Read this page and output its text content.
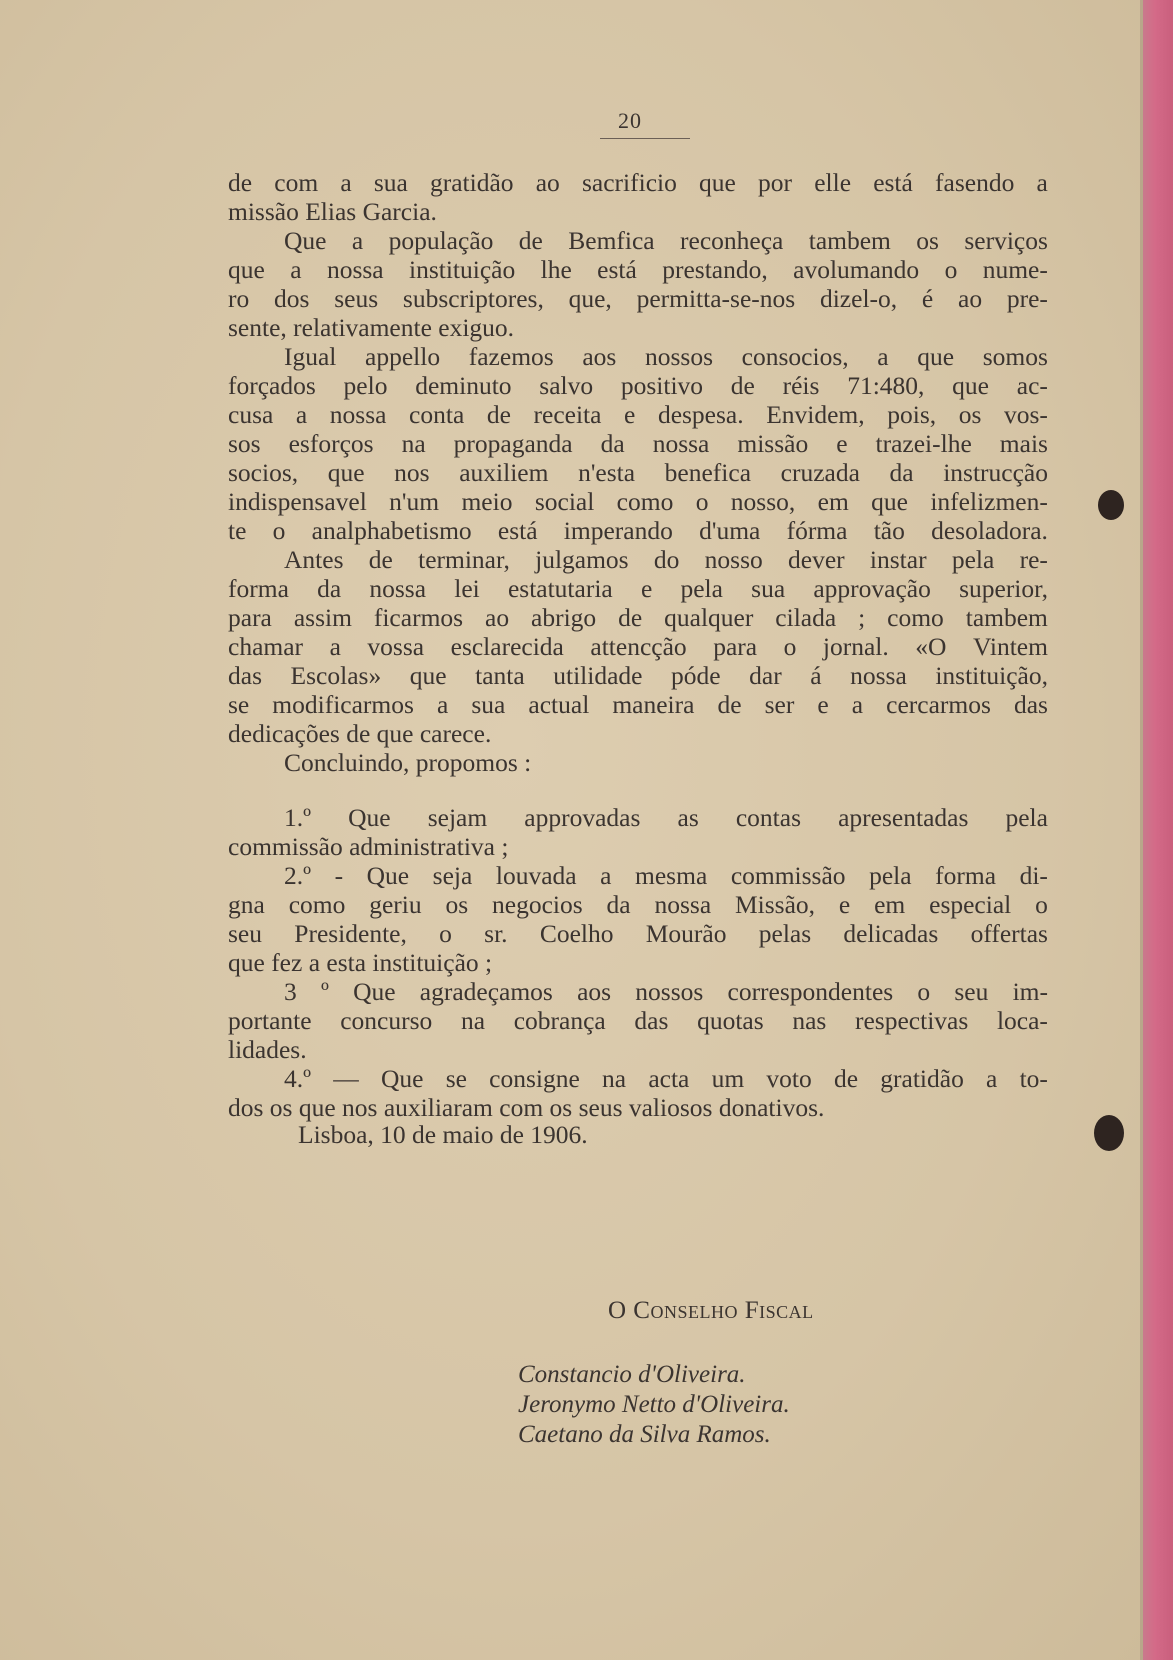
20
de com a sua gratidão ao sacrificio que por elle está fasendo a
missão Elias Garcia.
Que a população de Bemfica reconheça tambem os serviços
que a nossa instituição lhe está prestando, avolumando o nume-
ro dos seus subscriptores, que, permitta-se-nos dizel-o, é ao pre-
sente, relativamente exiguo.
Igual appello fazemos aos nossos consocios, a que somos
forçados pelo deminuto salvo positivo de réis 71:480, que ac-
cusa a nossa conta de receita e despesa. Envidem, pois, os vos-
sos esforços na propaganda da nossa missão e trazei-lhe mais
socios, que nos auxiliem n'esta benefica cruzada da instrucção
indispensavel n'um meio social como o nosso, em que infelizmen-
te o analphabetismo está imperando d'uma fórma tão desoladora.
Antes de terminar, julgamos do nosso dever instar pela re-
forma da nossa lei estatutaria e pela sua approvação superior,
para assim ficarmos ao abrigo de qualquer cilada ; como tambem
chamar a vossa esclarecida attencção para o jornal. «O Vintem
das Escolas» que tanta utilidade póde dar á nossa instituição,
se modificarmos a sua actual maneira de ser e a cercarmos das
dedicações de que carece.
Concluindo, propomos :
1.º Que sejam approvadas as contas apresentadas pela
commissão administrativa ;
2.º - Que seja louvada a mesma commissão pela forma di-
gna como geriu os negocios da nossa Missão, e em especial o
seu Presidente, o sr. Coelho Mourão pelas delicadas offertas
que fez a esta instituição ;
3 º Que agradeçamos aos nossos correspondentes o seu im-
portante concurso na cobrança das quotas nas respectivas loca-
lidades.
4.º — Que se consigne na acta um voto de gratidão a to-
dos os que nos auxiliaram com os seus valiosos donativos.
O Conselho Fiscal
Constancio d'Oliveira.
Jeronymo Netto d'Oliveira.
Caetano da Silva Ramos.
Lisboa, 10 de maio de 1906.
